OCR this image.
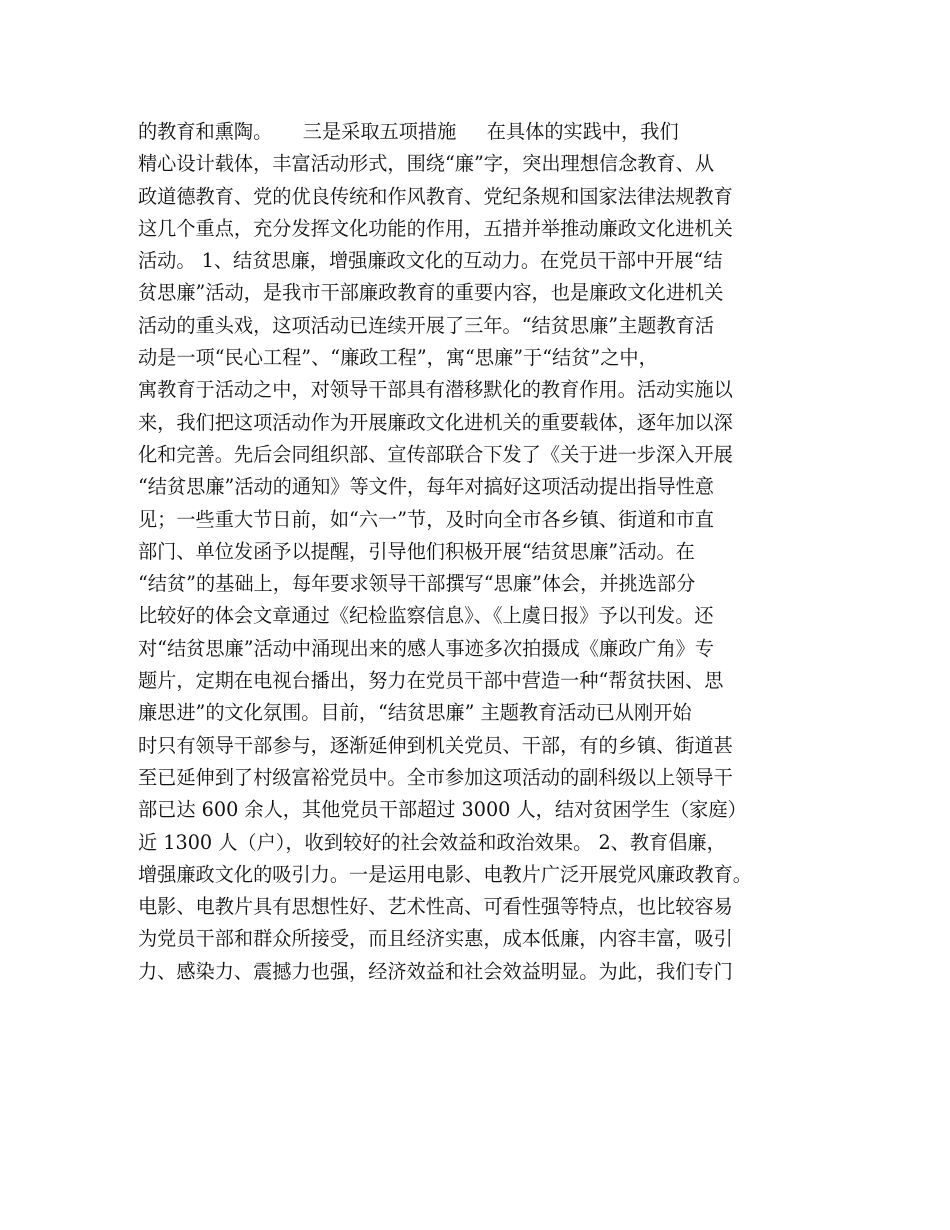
的教育和熏陶。     三是采取五项措施     在具体的实践中，我们
精心设计载体，丰富活动形式，围绕“廉”字，突出理想信念教育、从
政道德教育、党的优良传统和作风教育、党纪条规和国家法律法规教育
这几个重点，充分发挥文化功能的作用，五措并举推动廉政文化进机关
活动。 1、结贫思廉，增强廉政文化的互动力。在党员干部中开展“结
贫思廉”活动，是我市干部廉政教育的重要内容，也是廉政文化进机关
活动的重头戏，这项活动已连续开展了三年。“结贫思廉”主题教育活
动是一项“民心工程”、“廉政工程”，寓“思廉”于“结贫”之中，
寓教育于活动之中，对领导干部具有潜移默化的教育作用。活动实施以
来，我们把这项活动作为开展廉政文化进机关的重要载体，逐年加以深
化和完善。先后会同组织部、宣传部联合下发了《关于进一步深入开展
“结贫思廉”活动的通知》等文件，每年对搞好这项活动提出指导性意
见；一些重大节日前，如“六一”节，及时向全市各乡镇、街道和市直
部门、单位发函予以提醒，引导他们积极开展“结贫思廉”活动。在
“结贫”的基础上，每年要求领导干部撰写“思廉”体会，并挑选部分
比较好的体会文章通过《纪检监察信息》、《上虞日报》予以刊发。还
对“结贫思廉”活动中涌现出来的感人事迹多次拍摄成《廉政广角》专
题片，定期在电视台播出，努力在党员干部中营造一种“帮贫扶困、思
廉思进”的文化氛围。目前，“结贫思廉” 主题教育活动已从刚开始
时只有领导干部参与，逐渐延伸到机关党员、干部，有的乡镇、街道甚
至已延伸到了村级富裕党员中。全市参加这项活动的副科级以上领导干
部已达 600 余人，其他党员干部超过 3000 人，结对贫困学生（家庭）
近 1300 人（户），收到较好的社会效益和政治效果。 2、教育倡廉，
增强廉政文化的吸引力。一是运用电影、电教片广泛开展党风廉政教育。
电影、电教片具有思想性好、艺术性高、可看性强等特点，也比较容易
为党员干部和群众所接受，而且经济实惠，成本低廉，内容丰富，吸引
力、感染力、震撼力也强，经济效益和社会效益明显。为此，我们专门
